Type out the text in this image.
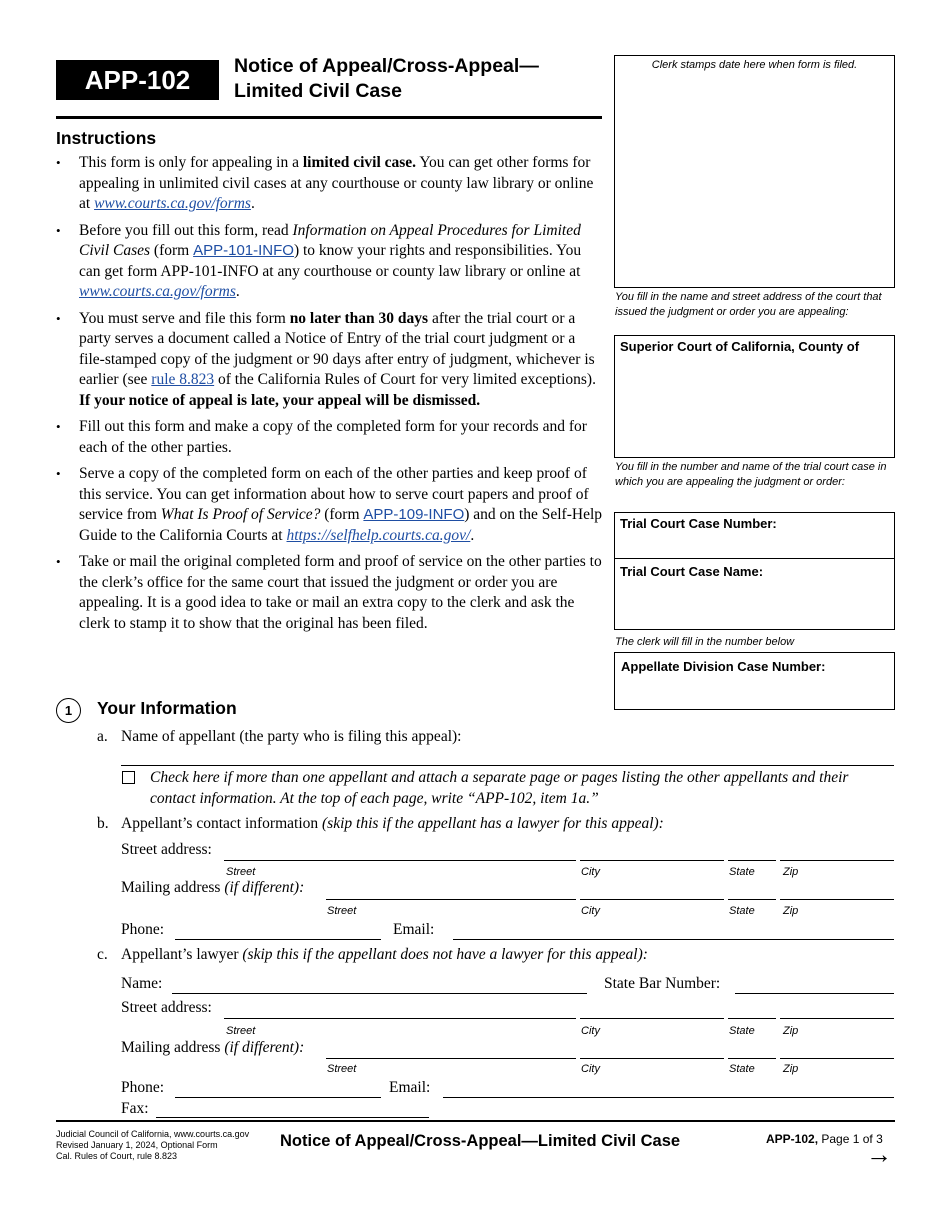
APP-102 Notice of Appeal/Cross-Appeal—
Limited Civil Case
Instructions
• This form is only for appealing in a limited civil case. You can get other forms for appealing in unlimited civil cases at any courthouse or county law library or online at www.courts.ca.gov/forms.
• Before you fill out this form, read Information on Appeal Procedures for Limited Civil Cases (form APP-101-INFO) to know your rights and responsibilities. You can get form APP-101-INFO at any courthouse or county law library or online at www.courts.ca.gov/forms.
• You must serve and file this form no later than 30 days after the trial court or a party serves a document called a Notice of Entry of the trial court judgment or a file-stamped copy of the judgment or 90 days after entry of judgment, whichever is earlier (see rule 8.823 of the California Rules of Court for very limited exceptions). If your notice of appeal is late, your appeal will be dismissed.
• Fill out this form and make a copy of the completed form for your records and for each of the other parties.
• Serve a copy of the completed form on each of the other parties and keep proof of this service. You can get information about how to serve court papers and proof of service from What Is Proof of Service? (form APP-109-INFO) and on the Self-Help Guide to the California Courts at https://selfhelp.courts.ca.gov/.
• Take or mail the original completed form and proof of service on the other parties to the clerk’s office for the same court that issued the judgment or order you are appealing. It is a good idea to take or mail an extra copy to the clerk and ask the clerk to stamp it to show that the original has been filed.
Clerk stamps date here when form is filed.
You fill in the name and street address of the court that issued the judgment or order you are appealing:
Superior Court of California, County of
You fill in the number and name of the trial court case in which you are appealing the judgment or order:
Trial Court Case Number:
Trial Court Case Name:
The clerk will fill in the number below
Appellate Division Case Number:
1	Your Information
a. Name of appellant (the party who is filing this appeal):
Check here if more than one appellant and attach a separate page or pages listing the other appellants and their contact information. At the top of each page, write “APP-102, item 1a.”
b. Appellant’s contact information (skip this if the appellant has a lawyer for this appeal):
Street address:
Street	City	State	Zip
Mailing address (if different):
Street	City	State	Zip
Phone:	Email:
c. Appellant’s lawyer (skip this if the appellant does not have a lawyer for this appeal):
Name:	State Bar Number:
Street address:
Street	City	State	Zip
Mailing address (if different):
Street	City	State	Zip
Phone:	Email:
Fax:
Judicial Council of California, www.courts.ca.gov
Revised January 1, 2024, Optional Form
Cal. Rules of Court, rule 8.823
Notice of Appeal/Cross-Appeal—Limited Civil Case	APP-102, Page 1 of 3
→
